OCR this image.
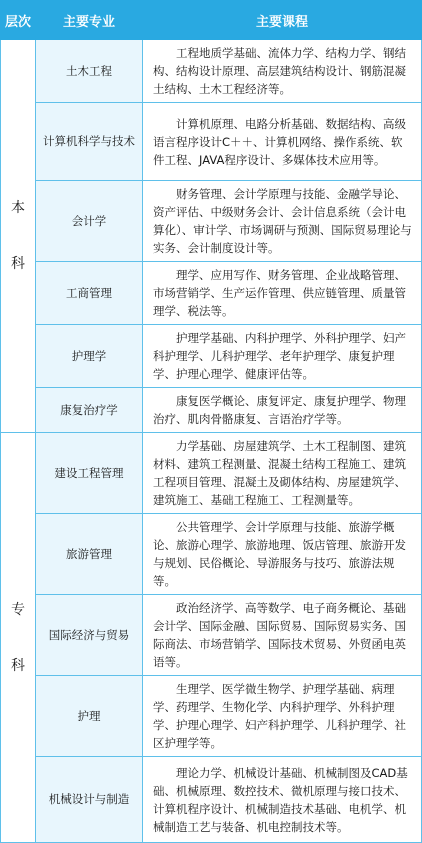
层次	主要专业	主要课程
本科	土木工程	工程地质学基础、流体力学、结构力学、钢结构、结构设计原理、高层建筑结构设计、钢筋混凝土结构、土木工程经济等。
	计算机科学与技术	计算机原理、电路分析基础、数据结构、高级语言程序设计C＋＋、计算机网络、操作系统、软件工程、JAVA程序设计、多媒体技术应用等。
	会计学	财务管理、会计学原理与技能、金融学导论、资产评估、中级财务会计、会计信息系统（会计电算化）、审计学、市场调研与预测、国际贸易理论与实务、会计制度设计等。
	工商管理	理学、应用写作、财务管理、企业战略管理、市场营销学、生产运作管理、供应链管理、质量管理学、税法等。
	护理学	护理学基础、内科护理学、外科护理学、妇产科护理学、儿科护理学、老年护理学、康复护理学、护理心理学、健康评估等。
	康复治疗学	康复医学概论、康复评定、康复护理学、物理治疗、肌肉骨骼康复、言语治疗学等。
专科	建设工程管理	力学基础、房屋建筑学、土木工程制图、建筑材料、建筑工程测量、混凝土结构工程施工、建筑工程项目管理、混凝土及砌体结构、房屋建筑学、建筑施工、基础工程施工、工程测量等。
	旅游管理	公共管理学、会计学原理与技能、旅游学概论、旅游心理学、旅游地理、饭店管理、旅游开发与规划、民俗概论、导游服务与技巧、旅游法规等。
	国际经济与贸易	政治经济学、高等数学、电子商务概论、基础会计学、国际金融、国际贸易、国际贸易实务、国际商法、市场营销学、国际技术贸易、外贸函电英语等。
	护理	生理学、医学微生物学、护理学基础、病理学、药理学、生物化学、内科护理学、外科护理学、护理心理学、妇产科护理学、儿科护理学、社区护理学等。
	机械设计与制造	理论力学、机械设计基础、机械制图及CAD基础、机械原理、数控技术、微机原理与接口技术、计算机程序设计、机械制造技术基础、电机学、机械制造工艺与装备、机电控制技术等。
